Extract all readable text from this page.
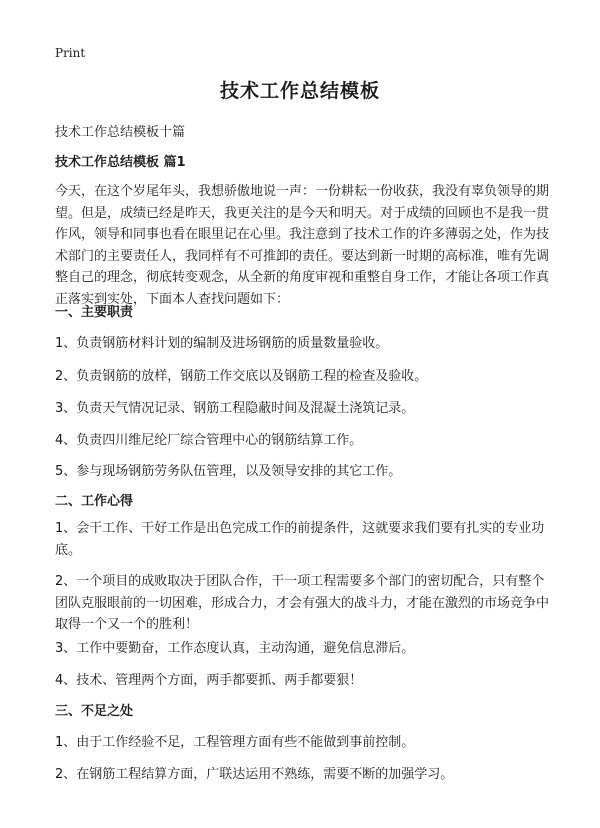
Print
技术工作总结模板
技术工作总结模板十篇
技术工作总结模板 篇1
今天，在这个岁尾年头，我想骄傲地说一声：一份耕耘一份收获，我没有辜负领导的期望。但是，成绩已经是昨天，我更关注的是今天和明天。对于成绩的回顾也不是我一贯作风，领导和同事也看在眼里记在心里。我注意到了技术工作的许多薄弱之处，作为技术部门的主要责任人，我同样有不可推卸的责任。要达到新一时期的高标准，唯有先调整自己的理念，彻底转变观念，从全新的角度审视和重整自身工作，才能让各项工作真正落实到实处，下面本人查找问题如下：
一、主要职责
1、负责钢筋材料计划的编制及进场钢筋的质量数量验收。
2、负责钢筋的放样，钢筋工作交底以及钢筋工程的检查及验收。
3、负责天气情况记录、钢筋工程隐蔽时间及混凝土浇筑记录。
4、负责四川维尼纶厂综合管理中心的钢筋结算工作。
5、参与现场钢筋劳务队伍管理，以及领导安排的其它工作。
二、工作心得
1、会干工作、干好工作是出色完成工作的前提条件，这就要求我们要有扎实的专业功底。
2、一个项目的成败取决于团队合作，干一项工程需要多个部门的密切配合，只有整个团队克服眼前的一切困难，形成合力，才会有强大的战斗力，才能在激烈的市场竞争中取得一个又一个的胜利！
3、工作中要勤奋，工作态度认真，主动沟通，避免信息滞后。
4、技术、管理两个方面，两手都要抓、两手都要狠！
三、不足之处
1、由于工作经验不足，工程管理方面有些不能做到事前控制。
2、在钢筋工程结算方面，广联达运用不熟练，需要不断的加强学习。
